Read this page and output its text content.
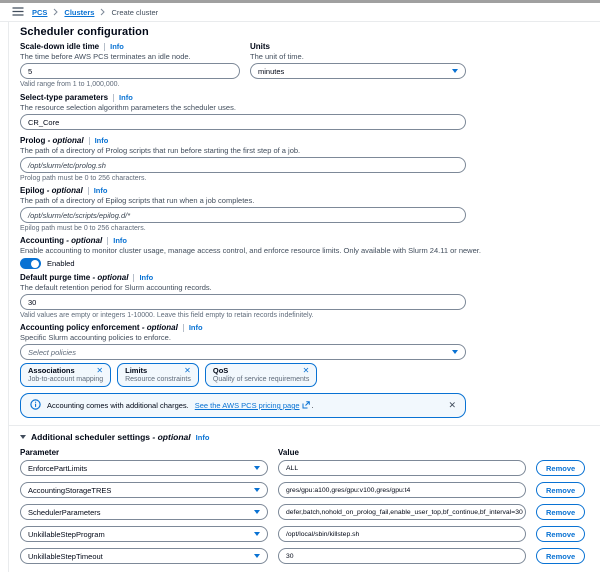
PCS Clusters Create cluster
Scheduler configuration
Scale-down idle time Info
The time before AWS PCS terminates an idle node.
5
Valid range from 1 to 1,000,000.
Units
The unit of time.
minutes
Select-type parameters Info
The resource selection algorithm parameters the scheduler uses.
CR_Core
Prolog - optional Info
The path of a directory of Prolog scripts that run before starting the first step of a job.
/opt/slurm/etc/prolog.sh
Prolog path must be 0 to 256 characters.
Epilog - optional Info
The path of a directory of Epilog scripts that run when a job completes.
/opt/slurm/etc/scripts/epilog.d/*
Epilog path must be 0 to 256 characters.
Accounting - optional Info
Enable accounting to monitor cluster usage, manage access control, and enforce resource limits. Only available with Slurm 24.11 or newer.
Enabled
Default purge time - optional Info
The default retention period for Slurm accounting records.
30
Valid values are empty or integers 1-10000. Leave this field empty to retain records indefinitely.
Accounting policy enforcement - optional Info
Specific Slurm accounting policies to enforce.
Select policies
Associations	✕
Job-to-account mapping
Limits	✕
Resource constraints
QoS	✕
Quality of service requirements
Accounting comes with additional charges. See the AWS PCS pricing page .	✕
Additional scheduler settings - optional Info
Parameter	Value
EnforcePartLimits	ALL	Remove
AccountingStorageTRES	gres/gpu:a100,gres/gpu:v100,gres/gpu:t4	Remove
SchedulerParameters	defer,batch,nohold_on_prolog_fail,enable_user_top,bf_continue,bf_interval=30	Remove
UnkillableStepProgram	/opt/local/sbin/killstep.sh	Remove
UnkillableStepTimeout	30	Remove
